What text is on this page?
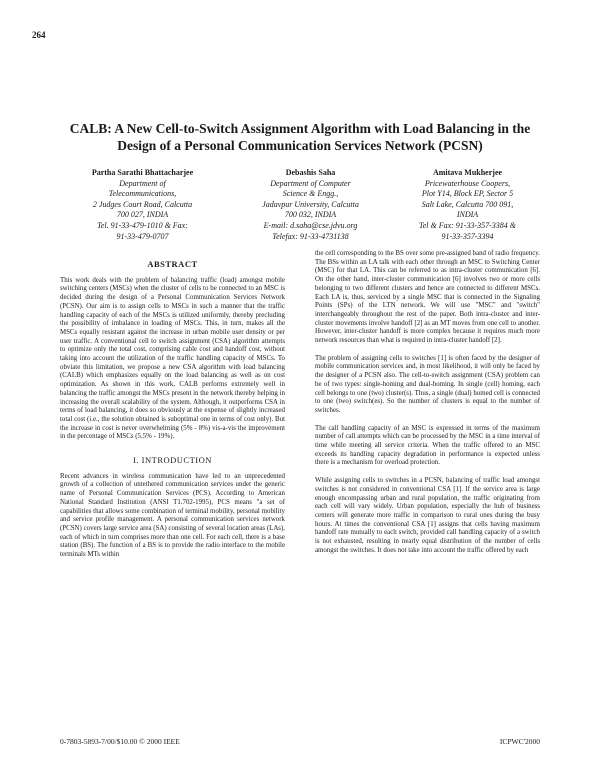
264
CALB: A New Cell-to-Switch Assignment Algorithm with Load Balancing in the Design of a Personal Communication Services Network (PCSN)
Partha Sarathi Bhattacharjee
Department of
Telecommunications,
2 Judges Court Road, Calcutta
700 027, INDIA
Tel. 91-33-479-1010 & Fax:
91-33-479-0707
Debashis Saha
Department of Computer
Science & Engg.,
Jadavpur University, Calcutta
700 032, INDIA
E-mail: d.saha@cse.jdvu.org
Telefax: 91-33-4731138
Amitava Mukherjee
Pricewaterhouse Coopers,
Plot Y14, Block EP, Sector 5
Salt Lake, Calcutta 700 091,
INDIA
Tel & Fax: 91-33-357-3384 &
91-33-357-3394
ABSTRACT

This work deals with the problem of balancing traffic (load) amongst mobile switching centers (MSCs) when the cluster of cells to be connected to an MSC is decided during the design of a Personal Communication Services Network (PCSN). Our aim is to assign cells to MSCs in such a manner that the traffic handling capacity of each of the MSCs is utilized uniformly, thereby precluding the possibility of imbalance in loading of MSCs. This, in turn, makes all the MSCs equally resistant against the increase in urban mobile user density or per user traffic. A conventional cell to switch assignment (CSA) algorithm attempts to optimize only the total cost, comprising cable cost and handoff cost, without taking into account the utilization of the traffic handling capacity of MSCs. To obviate this limitation, we propose a new CSA algorithm with load balancing (CALB) which emphasizes equally on the load balancing as well as on cost optimization. As shown in this work, CALB performs extremely well in balancing the traffic amongst the MSCs present in the network thereby helping in increasing the overall scalability of the system. Although, it outperforms CSA in terms of load balancing, it does so obviously at the expense of slightly increased total cost (i.e., the solution obtained is suboptimal one in terms of cost only). But the increase in cost is never overwhelming (5% - 8%) vis-a-vis the improvement in the percentage of MSCs (5.5% - 19%).

I. INTRODUCTION

Recent advances in wireless communication have led to an unprecedented growth of a collection of untethered communication services under the generic name of Personal Communication Services (PCS). According to American National Standard Institution (ANSI T1.702-1995), PCS means "a set of capabilities that allows some combination of terminal mobility, personal mobility and service profile management. A personal communication services network (PCSN) covers large service area (SA) consisting of several location areas (LAs), each of which in turn comprises more than one cell. For each cell, there is a base station (BS). The function of a BS is to provide the radio interface to the mobile terminals MTs within

the cell corresponding to the BS over some pre-assigned band of radio frequency. The BSs within an LA talk with each other through an MSC to Switching Center (MSC) for that LA. This can be referred to as intra-cluster communication [6]. On the other hand, inter-cluster communication [6] involves two or more cells belonging to two different clusters and hence are connected to different MSCs. Each LA is, thus, serviced by a single MSC that is connected in the Signaling Points (SPs) of the LTN network. We will use "MSC" and "switch" interchangeably throughout the rest of the paper. Both intra-cluster and inter-cluster movements involve handoff [2] as an MT moves from one cell to another. However, inter-cluster handoff is more complex because it requires much more network resources than what is required in intra-cluster handoff [2].

The problem of assigning cells to switches [1] is often faced by the designer of mobile communication services and, in most likelihood, it will only be faced by the designer of a PCSN also. The cell-to-switch assignment (CSA) problem can be of two types: single-homing and dual-homing. In single (cell) homing, each cell belongs to one (two) cluster(s). Thus, a single (dual) homed cell is connected to one (two) switch(es). So the number of clusters is equal to the number of switches.

The call handling capacity of an MSC is expressed in terms of the maximum number of call attempts which can be processed by the MSC in a time interval of time while meeting all service criteria. When the traffic offered to an MSC exceeds its handling capacity degradation in performance is expected unless there is a mechanism for overload protection.

While assigning cells to switches in a PCSN, balancing of traffic load amongst switches is not considered in conventional CSA [1]. If the service area is large enough encompassing urban and rural population, the traffic originating from each cell will vary widely. Urban population, especially the hub of business centers will generate more traffic in comparison to rural ones during the busy hours. At times the conventional CSA [1] assigns that cells having maximum handoff rate mutually to each switch, provided call handling capacity of a switch is not exhausted, resulting in nearly equal distribution of the number of cells amongst the switches. It does not take into account the traffic offered by each

0-7803-5893-7/00/$10.00 © 2000 IEEE	ICPWC'2000
